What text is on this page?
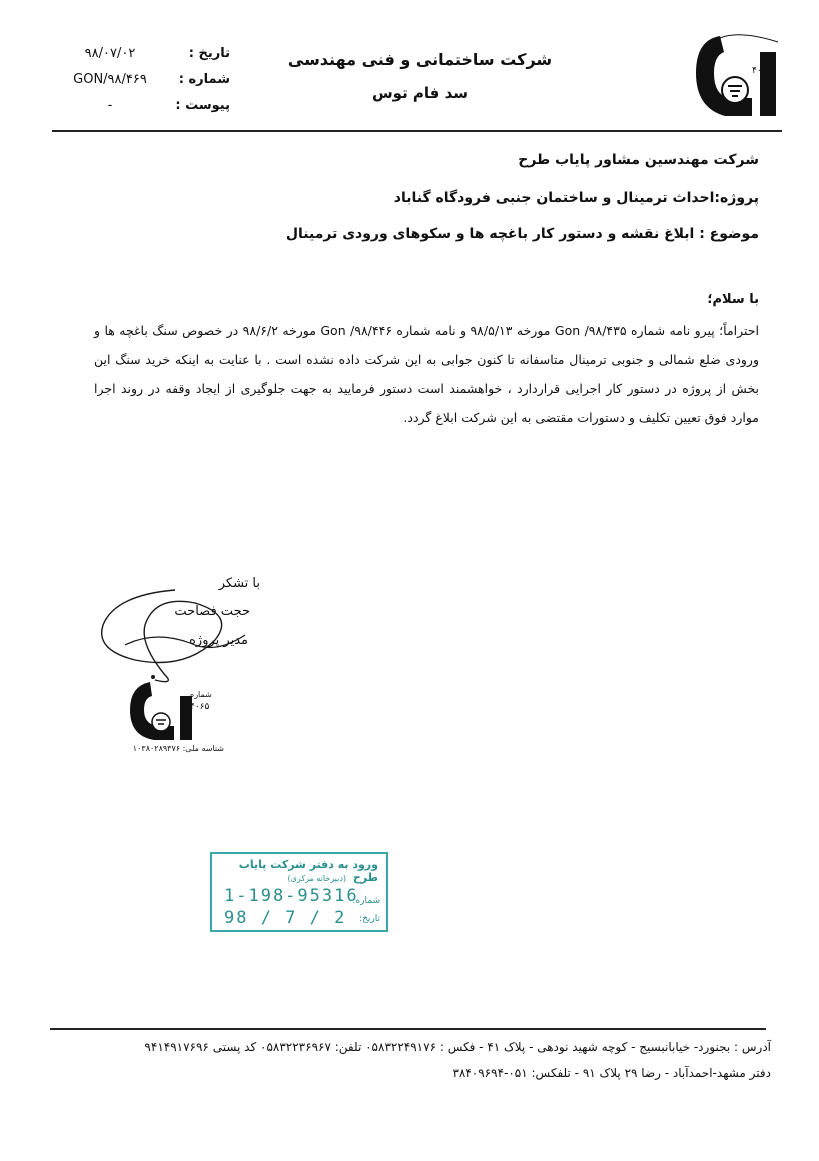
۴۰۶۵
شرکت ساختمانی و فنی مهندسی
سد فام توس
تاریخ :
۹۸/۰۷/۰۲
شماره :
GON/۹۸/۴۶۹
پیوست :
-
شرکت مهندسین مشاور پایاب طرح
پروژه:احداث ترمینال و ساختمان جنبی فرودگاه گناباد
موضوع : ابلاغ نقشه و دستور کار باغچه ها و سکوهای ورودی ترمینال
با سلام؛
احتراماً؛ پیرو نامه شماره ۹۸/۴۳۵/ Gon مورخه ۹۸/۵/۱۳ و نامه شماره ۹۸/۴۴۶/ Gon مورخه ۹۸/۶/۲ در خصوص سنگ باغچه ها و ورودی ضلع شمالی و جنوبی ترمینال متاسفانه تا کنون جوابی به این شرکت داده نشده است . با عنایت به اینکه خرید سنگ این بخش از پروژه در دستور کار اجرایی قراردارد ، خواهشمند است دستور فرمایید به جهت جلوگیری از ایجاد وقفه در روند اجرا موارد فوق تعیین تکلیف و دستورات مقتضی به این شرکت ابلاغ گردد.
با تشکر
حجت فصاحت
مدیر پروژه
شماره
۴۰۶۵
شناسه ملی: ۱۰۳۸۰۲۸۹۳۷۶
ورود به دفتر شرکت پایاب طرح
(دبیرخانه مرکزی)
شماره:
1-198-95316
تاریخ:
98 / 7 / 2
آدرس : بجنورد- خیابانبسیج - کوچه شهید نودهی - پلاک ۴۱ - فکس : ۰۵۸۳۲۲۴۹۱۷۶ تلفن: ۰۵۸۳۲۲۳۶۹۶۷ کد پستی ۹۴۱۴۹۱۷۶۹۶
دفتر مشهد-احمدآباد - رضا ۲۹ پلاک ۹۱ - تلفکس: ۰۵۱-۳۸۴۰۹۶۹۴
